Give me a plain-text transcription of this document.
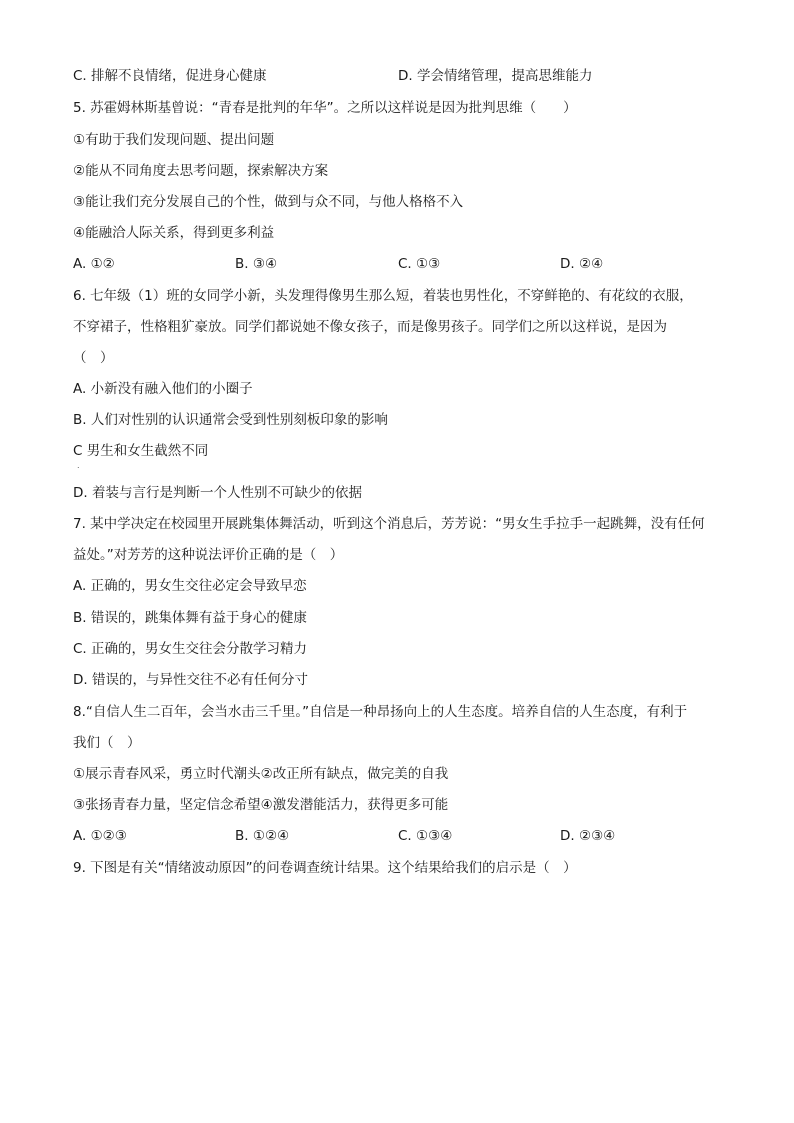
C. 排解不良情绪，促进身心健康	D. 学会情绪管理，提高思维能力
5. 苏霍姆林斯基曾说：“青春是批判的年华”。之所以这样说是因为批判思维（　　）
①有助于我们发现问题、提出问题
②能从不同角度去思考问题，探索解决方案
③能让我们充分发展自己的个性，做到与众不同，与他人格格不入
④能融洽人际关系，得到更多利益
A. ①②	B. ③④	C. ①③	D. ②④
6. 七年级（1）班的女同学小新，头发理得像男生那么短，着装也男性化，不穿鲜艳的、有花纹的衣服，
不穿裙子，性格粗犷豪放。同学们都说她不像女孩子，而是像男孩子。同学们之所以这样说，是因为
（　）
A. 小新没有融入他们的小圈子
B. 人们对性别的认识通常会受到性别刻板印象的影响
C 男生和女生截然不同
.
D. 着装与言行是判断一个人性别不可缺少的依据
7. 某中学决定在校园里开展跳集体舞活动，听到这个消息后，芳芳说：“男女生手拉手一起跳舞，没有任何
益处。”对芳芳的这种说法评价正确的是（　）
A. 正确的，男女生交往必定会导致早恋
B. 错误的，跳集体舞有益于身心的健康
C. 正确的，男女生交往会分散学习精力
D. 错误的，与异性交往不必有任何分寸
8.“自信人生二百年，会当水击三千里。”自信是一种昂扬向上的人生态度。培养自信的人生态度，有利于
我们（　）
①展示青春风采，勇立时代潮头②改正所有缺点，做完美的自我
③张扬青春力量，坚定信念希望④激发潜能活力，获得更多可能
A. ①②③	B. ①②④	C. ①③④	D. ②③④
9. 下图是有关“情绪波动原因”的问卷调查统计结果。这个结果给我们的启示是（　）
